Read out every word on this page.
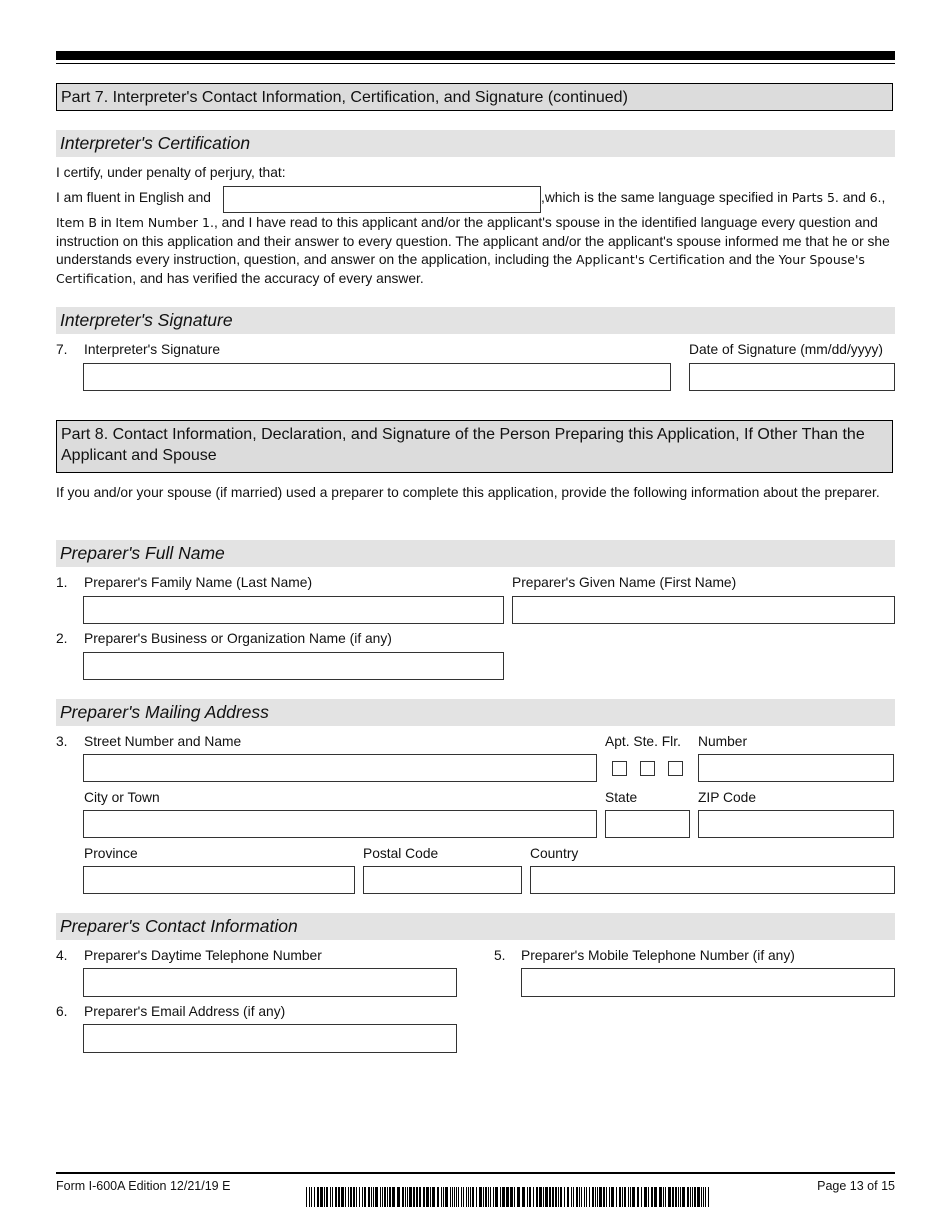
Part 7. Interpreter's Contact Information, Certification, and Signature (continued)
Interpreter's Certification
I certify, under penalty of perjury, that:
I am fluent in English and	,which is the same language specified in Parts 5. and 6.,
Item B in Item Number 1., and I have read to this applicant and/or the applicant's spouse in the identified language every question and instruction on this application and their answer to every question. The applicant and/or the applicant's spouse informed me that he or she understands every instruction, question, and answer on the application, including the Applicant's Certification and the Your Spouse's Certification, and has verified the accuracy of every answer.
Interpreter's Signature
7. Interpreter's Signature	Date of Signature (mm/dd/yyyy)
Part 8. Contact Information, Declaration, and Signature of the Person Preparing this Application, If Other Than the Applicant and Spouse
If you and/or your spouse (if married) used a preparer to complete this application, provide the following information about the preparer.
Preparer's Full Name
1. Preparer's Family Name (Last Name)	Preparer's Given Name (First Name)
2. Preparer's Business or Organization Name (if any)
Preparer's Mailing Address
3. Street Number and Name	Apt. Ste. Flr. Number
City or Town	State	ZIP Code
Province	Postal Code	Country
Preparer's Contact Information
4. Preparer's Daytime Telephone Number	5. Preparer's Mobile Telephone Number (if any)
6. Preparer's Email Address (if any)
Form I-600A Edition 12/21/19 E	Page 13 of 15
